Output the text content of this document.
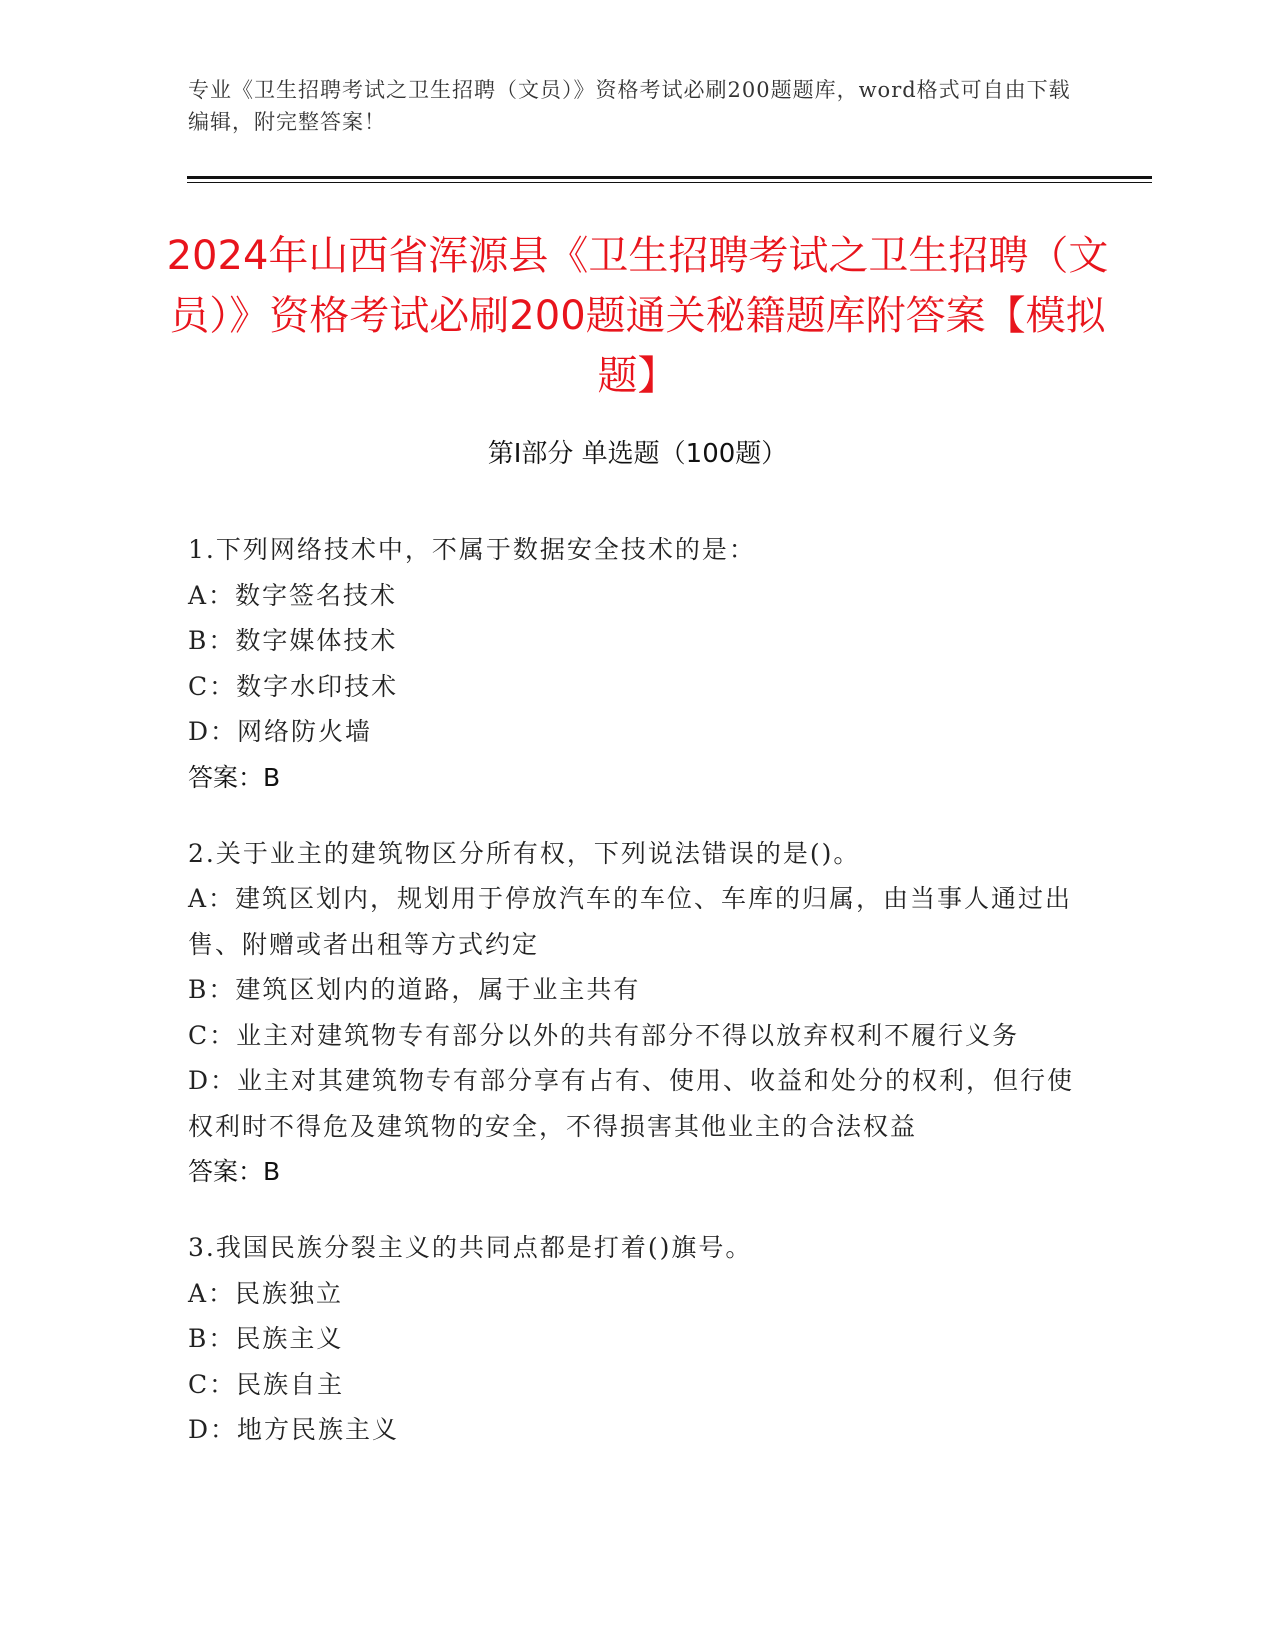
专业《卫生招聘考试之卫生招聘（文员）》资格考试必刷200题题库，word格式可自由下载编辑，附完整答案！
2024年山西省浑源县《卫生招聘考试之卫生招聘（文员）》资格考试必刷200题通关秘籍题库附答案【模拟题】
第Ⅰ部分 单选题（100题）
1.下列网络技术中，不属于数据安全技术的是：
A：数字签名技术
B：数字媒体技术
C：数字水印技术
D：网络防火墙
答案：B
2.关于业主的建筑物区分所有权，下列说法错误的是()。
A：建筑区划内，规划用于停放汽车的车位、车库的归属，由当事人通过出售、附赠或者出租等方式约定
B：建筑区划内的道路，属于业主共有
C：业主对建筑物专有部分以外的共有部分不得以放弃权利不履行义务
D：业主对其建筑物专有部分享有占有、使用、收益和处分的权利，但行使权利时不得危及建筑物的安全，不得损害其他业主的合法权益
答案：B
3.我国民族分裂主义的共同点都是打着()旗号。
A：民族独立
B：民族主义
C：民族自主
D：地方民族主义
